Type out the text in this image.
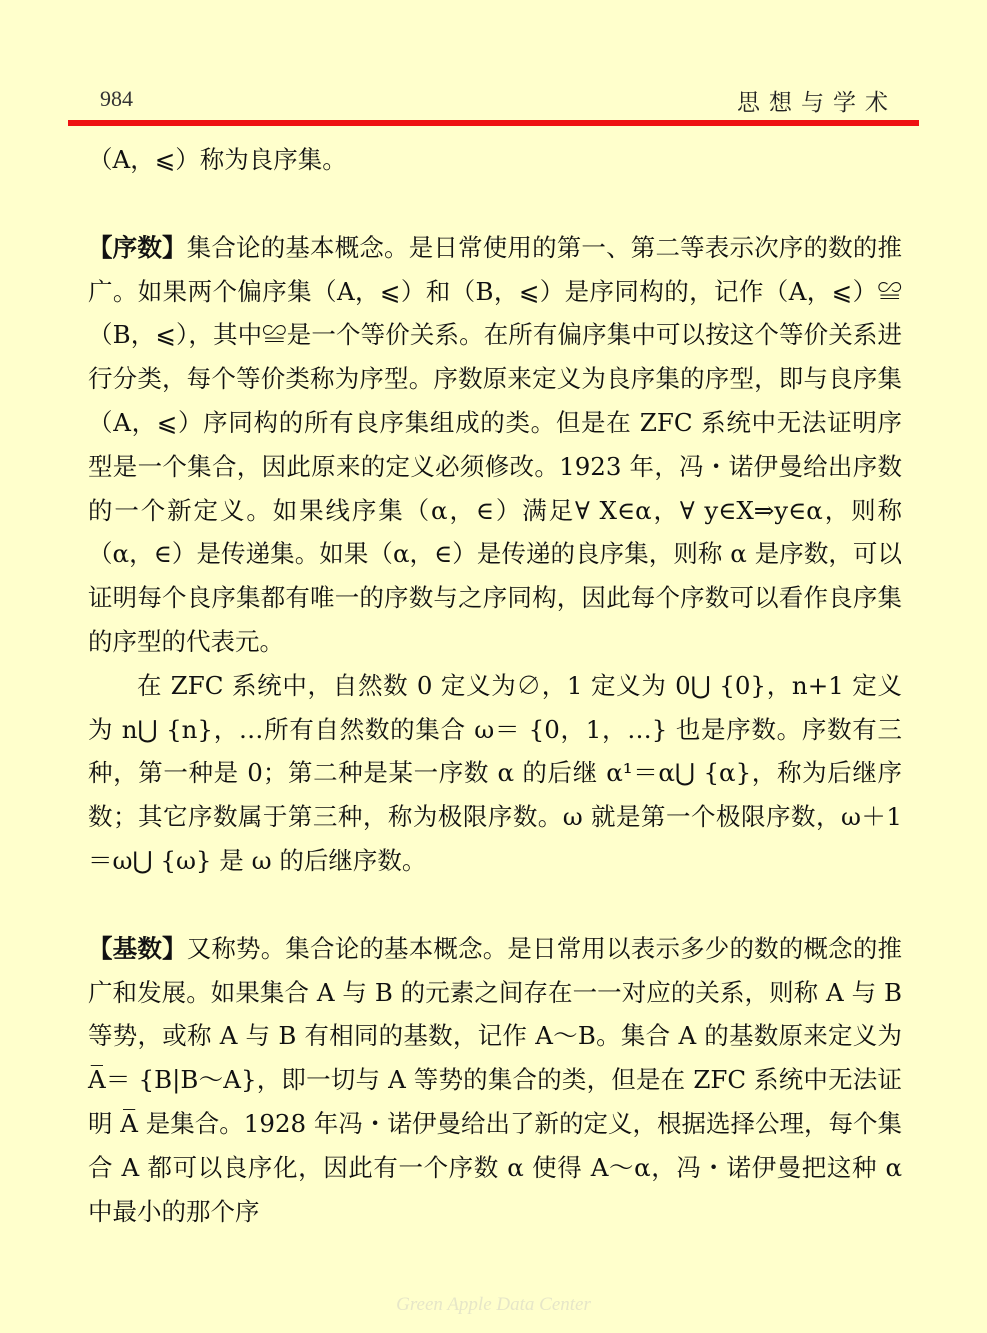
984	思想与学术

（A，⩽）称为良序集。

【序数】集合论的基本概念。是日常使用的第一、第二等表示次序的数的推广。如果两个偏序集（A，⩽）和（B，⩽）是序同构的，记作（A，⩽）≌（B，⩽），其中≌是一个等价关系。在所有偏序集中可以按这个等价关系进行分类，每个等价类称为序型。序数原来定义为良序集的序型，即与良序集（A，⩽）序同构的所有良序集组成的类。但是在 ZFC 系统中无法证明序型是一个集合，因此原来的定义必须修改。1923 年，冯・诺伊曼给出序数的一个新定义。如果线序集（α，∈）满足∀ X∈α，∀ y∈X⇒y∈α，则称（α，∈）是传递集。如果（α，∈）是传递的良序集，则称 α 是序数，可以证明每个良序集都有唯一的序数与之序同构，因此每个序数可以看作良序集的序型的代表元。

在 ZFC 系统中，自然数 0 定义为∅，1 定义为 0⋃ {0}，n+1 定义为 n⋃ {n}，…所有自然数的集合 ω＝ {0，1，…} 也是序数。序数有三种，第一种是 0；第二种是某一序数 α 的后继 α¹＝α⋃ {α}，称为后继序数；其它序数属于第三种，称为极限序数。ω 就是第一个极限序数，ω＋1＝ω⋃ {ω} 是 ω 的后继序数。

【基数】又称势。集合论的基本概念。是日常用以表示多少的数的概念的推广和发展。如果集合 A 与 B 的元素之间存在一一对应的关系，则称 A 与 B 等势，或称 A 与 B 有相同的基数，记作 A～B。集合 A 的基数原来定义为 A̅＝ {B|B～A}，即一切与 A 等势的集合的类，但是在 ZFC 系统中无法证明 A̅ 是集合。1928 年冯・诺伊曼给出了新的定义，根据选择公理，每个集合 A 都可以良序化，因此有一个序数 α 使得 A～α，冯・诺伊曼把这种 α 中最小的那个序

Green Apple Data Center
